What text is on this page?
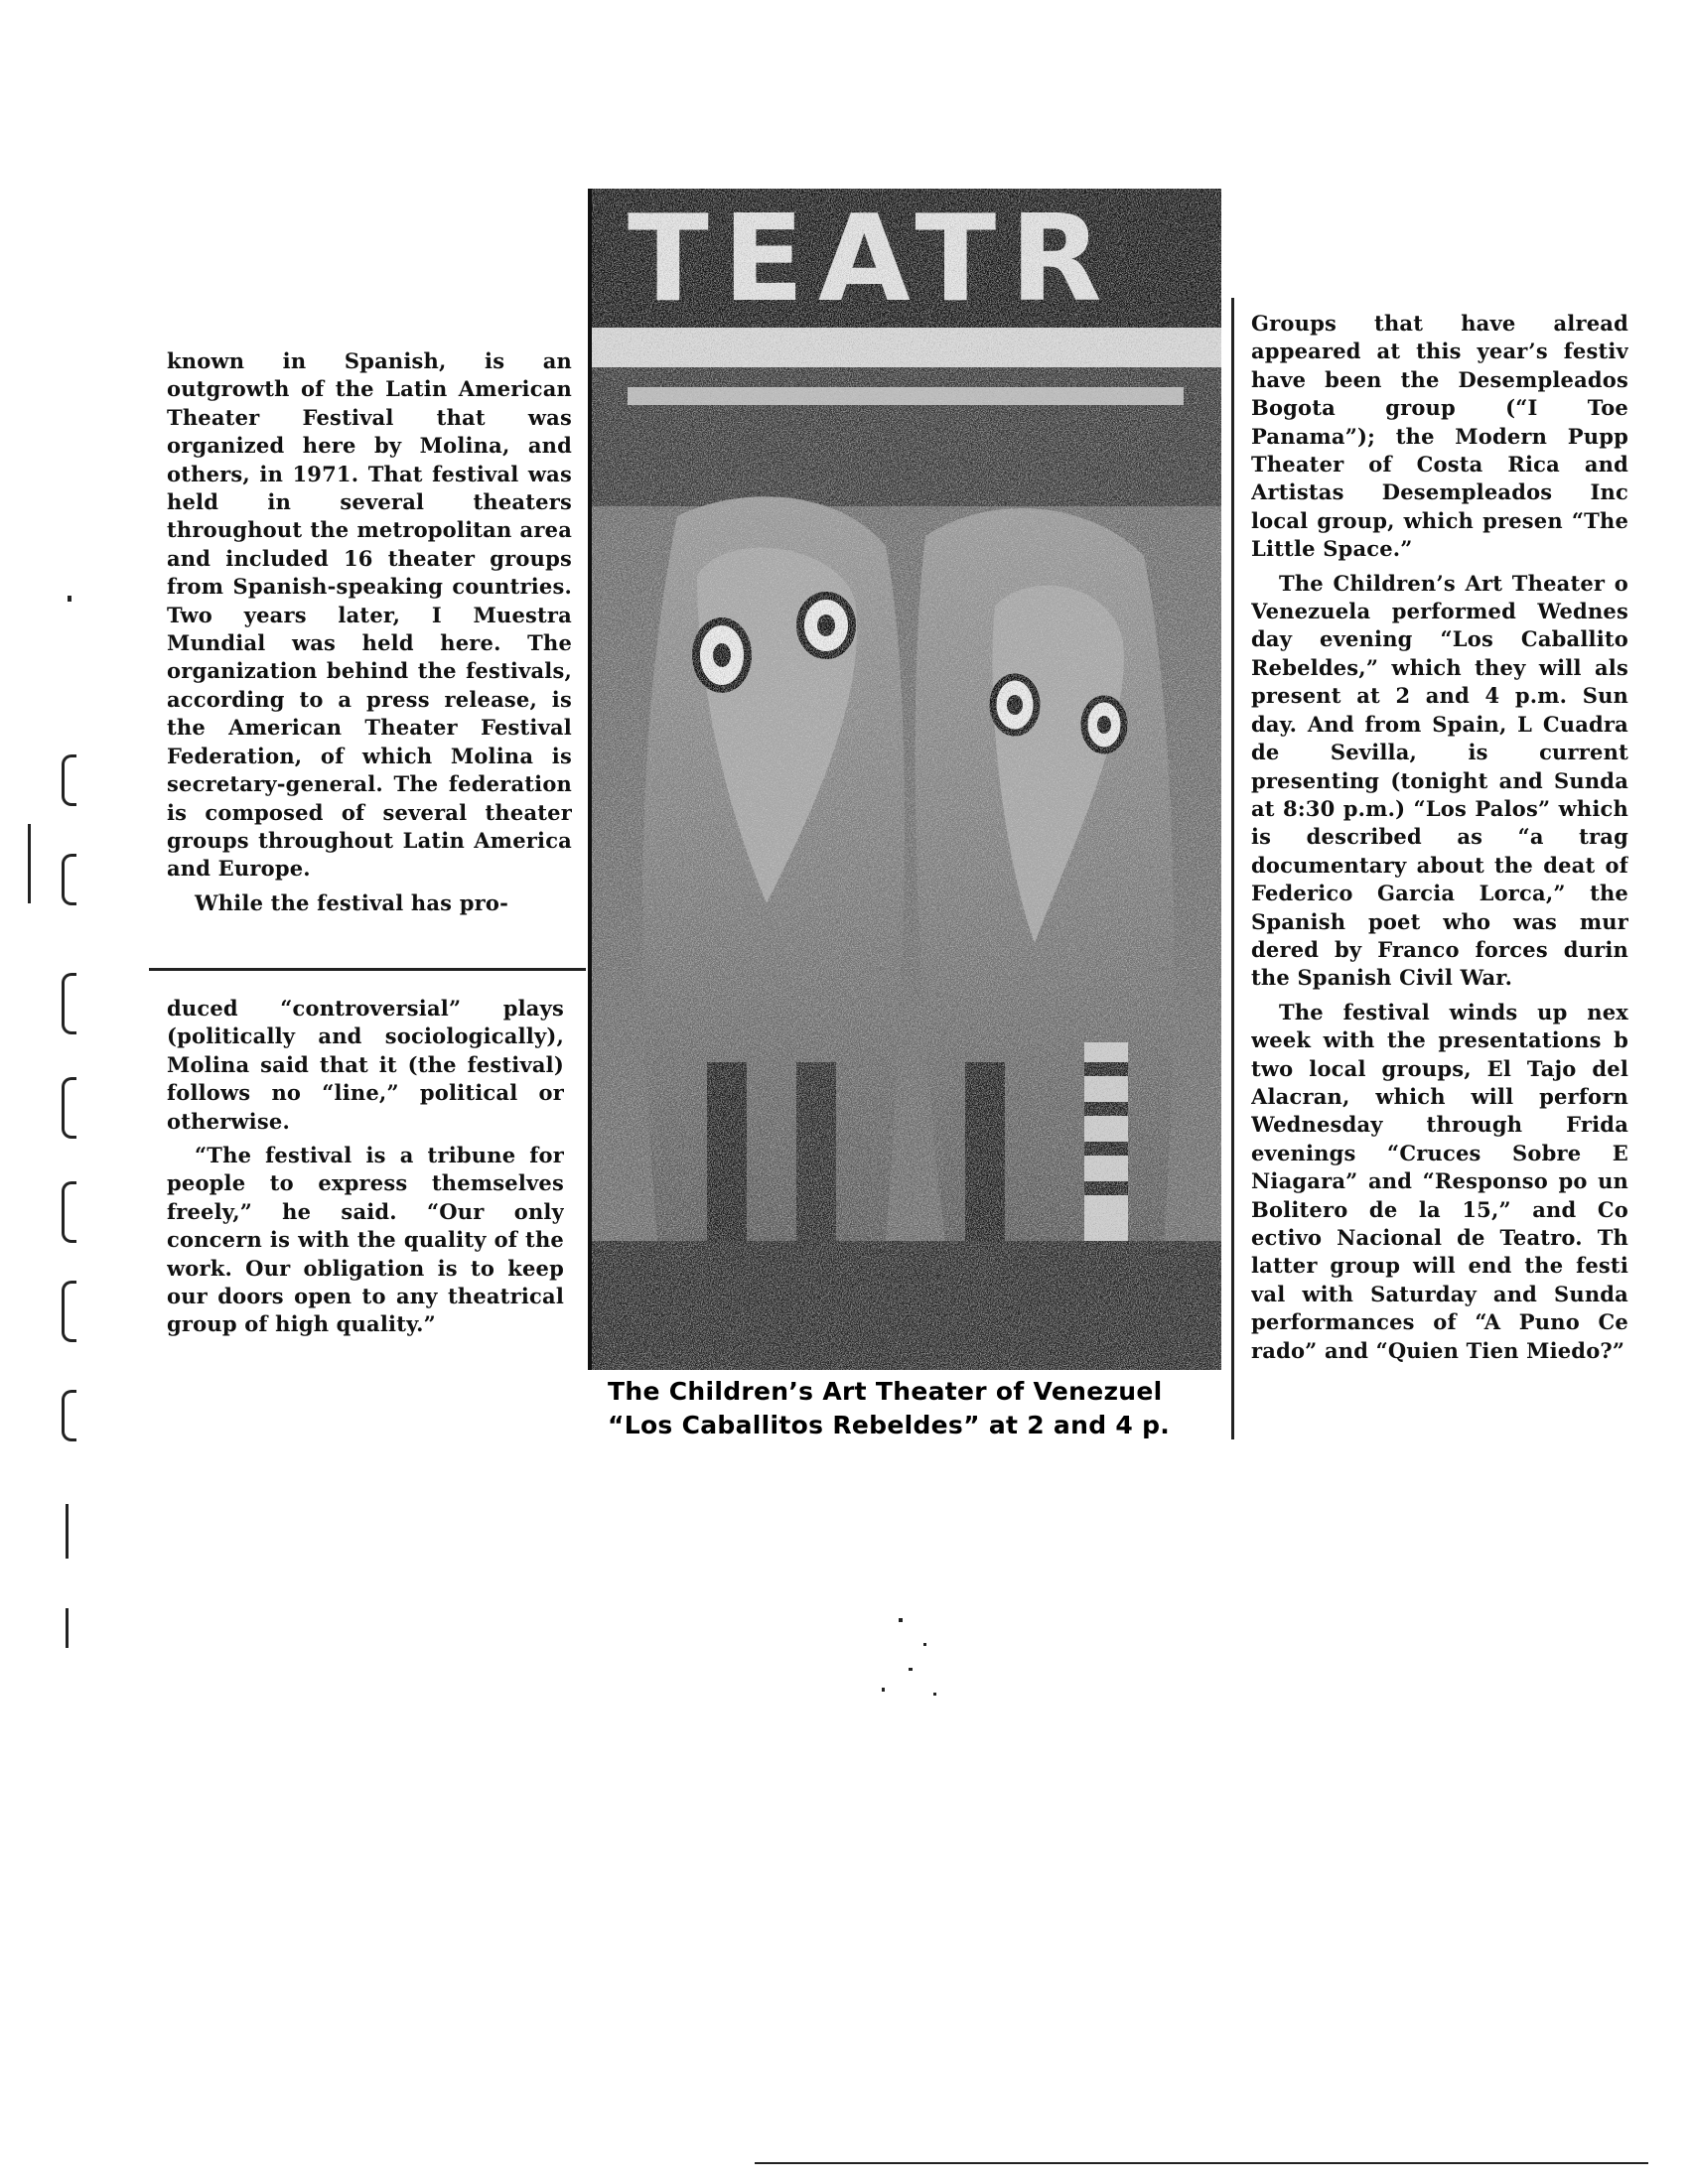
known in Spanish, is an outgrowth of the Latin American Theater Festival that was organized here by Molina, and others, in 1971. That festival was held in several theaters throughout the metropolitan area and included 16 theater groups from Spanish-speaking countries. Two years later, I Muestra Mundial was held here. The organization behind the festivals, according to a press release, is the American Theater Festival Federation, of which Molina is secretary-general. The federation is composed of several theater groups throughout Latin America and Europe.

While the festival has pro-

duced “controversial” plays (politically and sociologically), Molina said that it (the festival) follows no “line,” political or otherwise.

“The festival is a tribune for people to express themselves freely,” he said. “Our only concern is with the quality of the work. Our obligation is to keep our doors open to any theatrical group of high quality.”

The Children’s Art Theater of Venezuel
“Los Caballitos Rebeldes” at 2 and 4 p.

Groups that have alread appeared at this year’s festiv have been the Desempleados Bogota group (“I Toe Panama”); the Modern Pupp Theater of Costa Rica and Artistas Desempleados Inc local group, which presen “The Little Space.”

The Children’s Art Theater o Venezuela performed Wednes day evening “Los Caballito Rebeldes,” which they will als present at 2 and 4 p.m. Sun day. And from Spain, L Cuadra de Sevilla, is current presenting (tonight and Sunda at 8:30 p.m.) “Los Palos” which is described as “a trag documentary about the deat of Federico Garcia Lorca,” the Spanish poet who was mur dered by Franco forces durin the Spanish Civil War.

The festival winds up nex week with the presentations b two local groups, El Tajo del Alacran, which will perforn Wednesday through Frida evenings “Cruces Sobre E Niagara” and “Responso po un Bolitero de la 15,” and Co ectivo Nacional de Teatro. Th latter group will end the festi val with Saturday and Sunda performances of “A Puno Ce rado” and “Quien Tien Miedo?”
